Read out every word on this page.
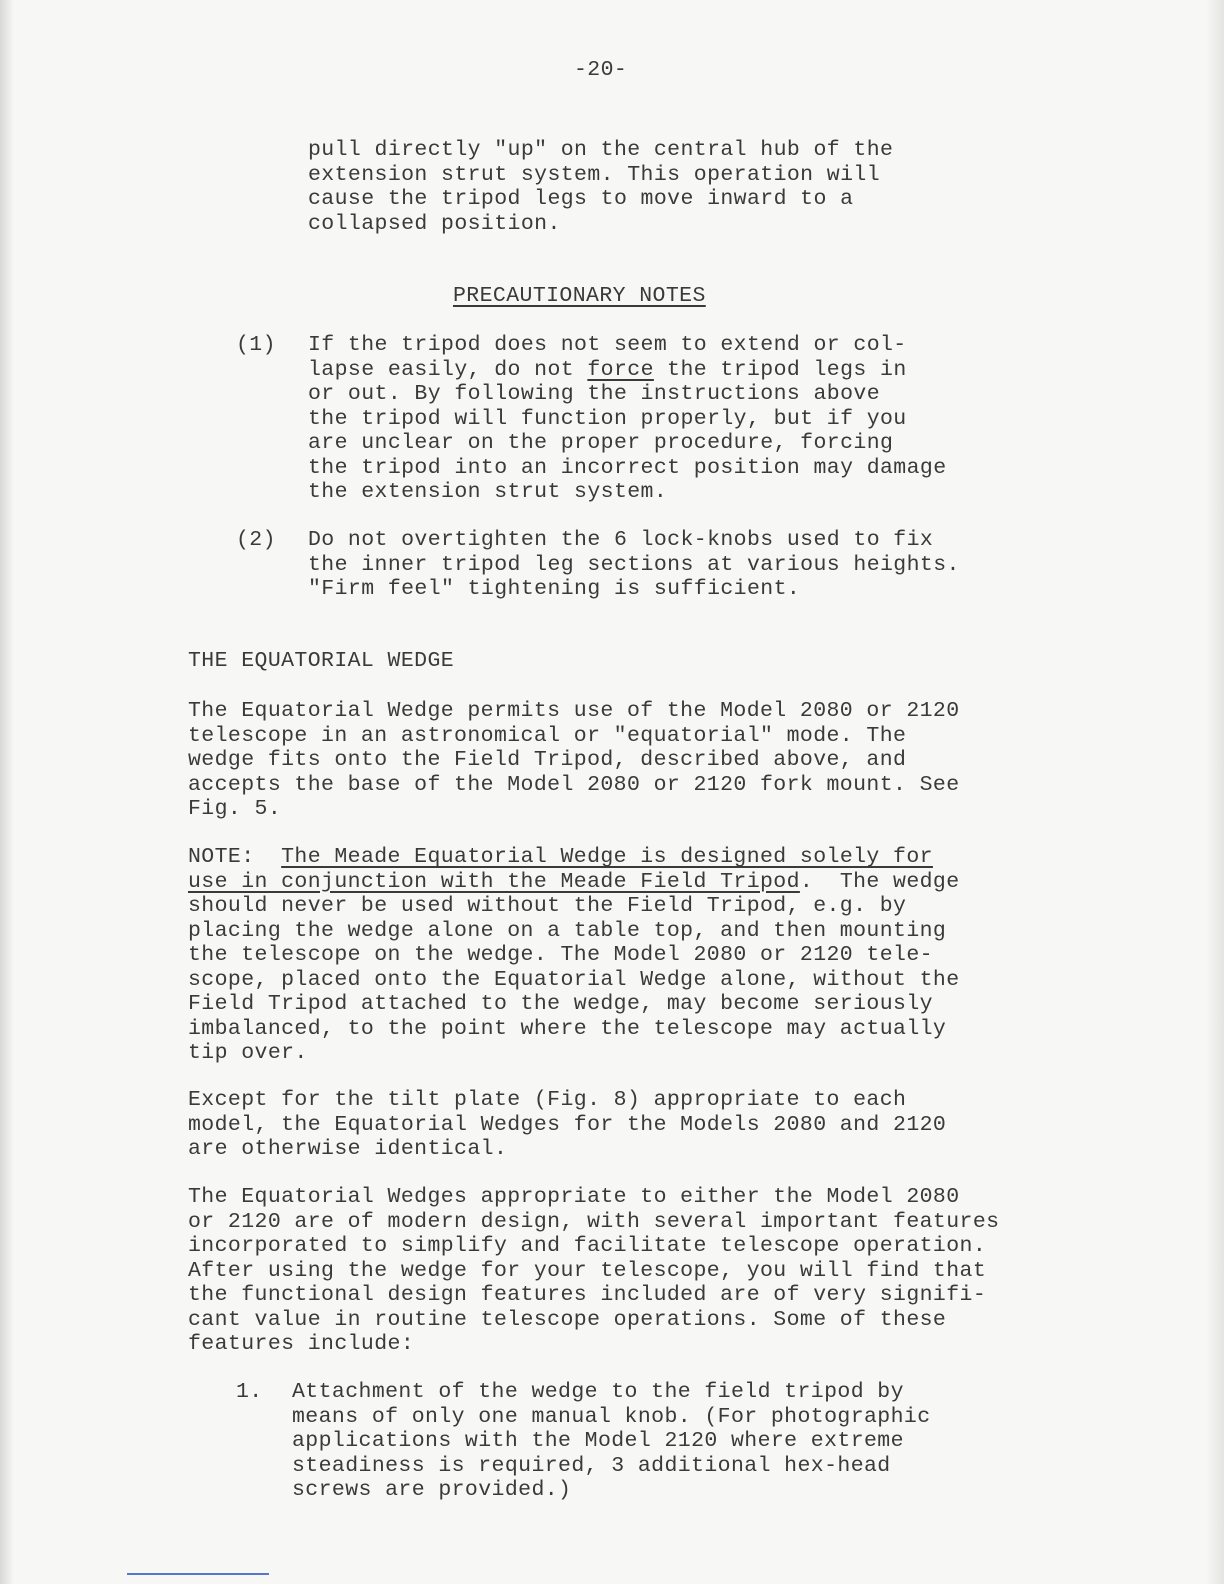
-20-

pull directly "up" on the central hub of the
extension strut system. This operation will
cause the tripod legs to move inward to a
collapsed position.

PRECAUTIONARY NOTES
(1) If the tripod does not seem to extend or col-
lapse easily, do not force the tripod legs in

or out. By following the instructions above
the tripod will function properly, but if you
are unclear on the proper procedure, forcing
the tripod into an incorrect position may damage
the extension strut system.

(2) Do not overtighten the 6 lock-knobs used to fix
the inner tripod leg sections at various heights.
"Firm feel" tightening is sufficient.

THE EQUATORIAL WEDGE

The Equatorial Wedge permits use of the Model 2080 or 2120
telescope in an astronomical or "equatorial" mode. The
wedge fits onto the Field Tripod, described above, and
accepts the base of the Model 2080 or 2120 fork mount. See
Fig. 5.

NOTE:  The Meade Equatorial Wedge is designed solely for
use in conjunction with the Meade Field Tripod.  The wedge

should never be used without the Field Tripod, e.g. by
placing the wedge alone on a table top, and then mounting
the telescope on the wedge. The Model 2080 or 2120 tele-
scope, placed onto the Equatorial Wedge alone, without the
Field Tripod attached to the wedge, may become seriously
imbalanced, to the point where the telescope may actually
tip over.

Except for the tilt plate (Fig. 8) appropriate to each
model, the Equatorial Wedges for the Models 2080 and 2120
are otherwise identical.

The Equatorial Wedges appropriate to either the Model 2080
or 2120 are of modern design, with several important features
incorporated to simplify and facilitate telescope operation.
After using the wedge for your telescope, you will find that
the functional design features included are of very signifi-
cant value in routine telescope operations. Some of these
features include:

1. Attachment of the wedge to the field tripod by
means of only one manual knob. (For photographic
applications with the Model 2120 where extreme
steadiness is required, 3 additional hex-head
screws are provided.)
